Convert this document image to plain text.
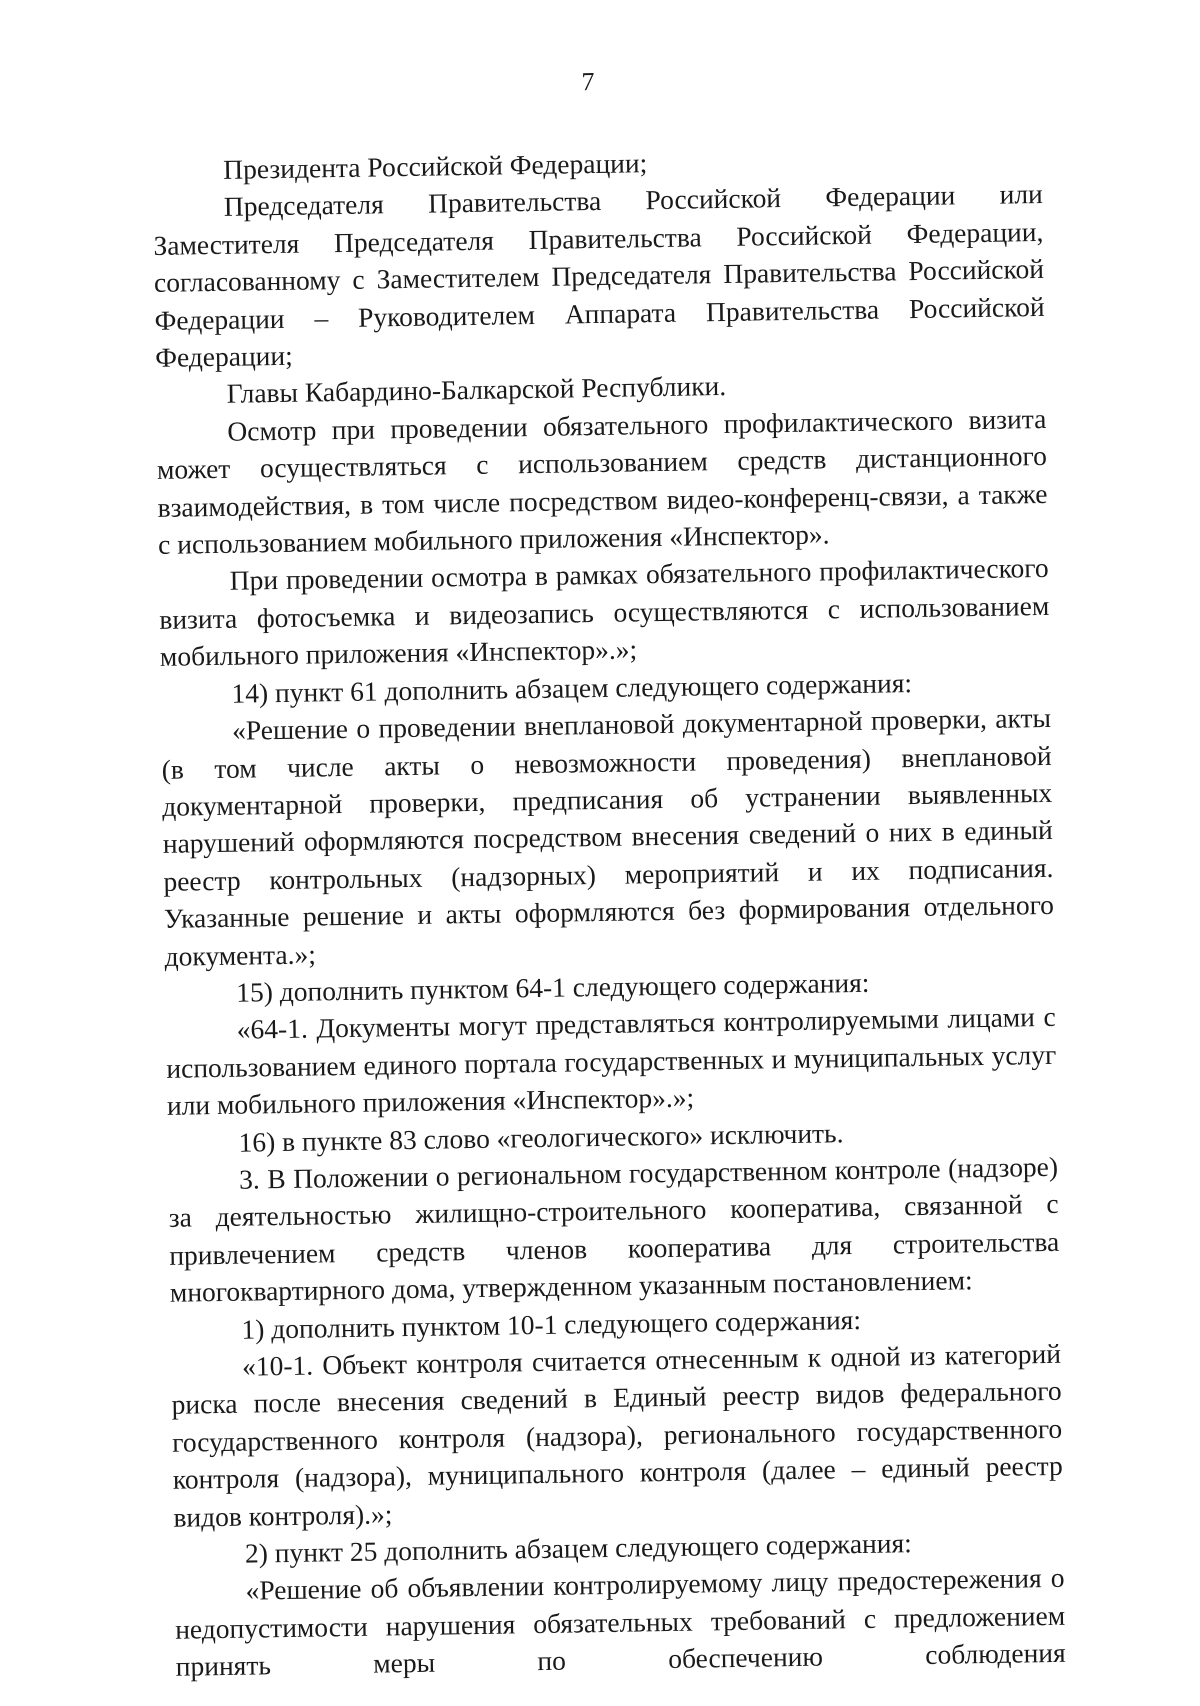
7

Президента Российской Федерации;

Председателя Правительства Российской Федерации или Заместителя Председателя Правительства Российской Федерации, согласованному с Заместителем Председателя Правительства Российской Федерации – Руководителем Аппарата Правительства Российской Федерации;

Главы Кабардино-Балкарской Республики.

Осмотр при проведении обязательного профилактического визита может осуществляться с использованием средств дистанционного взаимодействия, в том числе посредством видео-конференц-связи, а также с использованием мобильного приложения «Инспектор».

При проведении осмотра в рамках обязательного профилактического визита фотосъемка и видеозапись осуществляются с использованием мобильного приложения «Инспектор».»;

14) пункт 61 дополнить абзацем следующего содержания:

«Решение о проведении внеплановой документарной проверки, акты (в том числе акты о невозможности проведения) внеплановой документарной проверки, предписания об устранении выявленных нарушений оформляются посредством внесения сведений о них в единый реестр контрольных (надзорных) мероприятий и их подписания. Указанные решение и акты оформляются без формирования отдельного документа.»;

15) дополнить пунктом 64-1 следующего содержания:

«64-1. Документы могут представляться контролируемыми лицами с использованием единого портала государственных и муниципальных услуг или мобильного приложения «Инспектор».»;

16) в пункте 83 слово «геологического» исключить.

3. В Положении о региональном государственном контроле (надзоре) за деятельностью жилищно-строительного кооператива, связанной с привлечением средств членов кооператива для строительства многоквартирного дома, утвержденном указанным постановлением:

1) дополнить пунктом 10-1 следующего содержания:

«10-1. Объект контроля считается отнесенным к одной из категорий риска после внесения сведений в Единый реестр видов федерального государственного контроля (надзора), регионального государственного контроля (надзора), муниципального контроля (далее – единый реестр видов контроля).»;

2) пункт 25 дополнить абзацем следующего содержания:

«Решение об объявлении контролируемому лицу предостережения о недопустимости нарушения обязательных требований с предложением принять меры по обеспечению соблюдения
